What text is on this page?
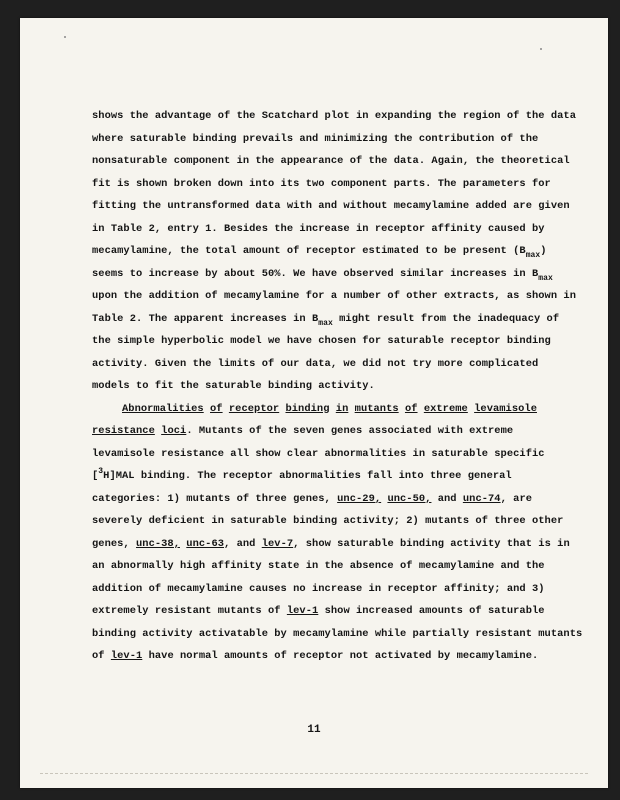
shows the advantage of the Scatchard plot in expanding the region of the data
where saturable binding prevails and minimizing the contribution of the
nonsaturable component in the appearance of the data. Again, the theoretical
fit is shown broken down into its two component parts. The parameters for
fitting the untransformed data with and without mecamylamine added are given
in Table 2, entry 1. Besides the increase in receptor affinity caused by
mecamylamine, the total amount of receptor estimated to be present $(B_{max})$
seems to increase by about 50%. We have observed similar increases in $B_{max}$
upon the addition of mecamylamine for a number of other extracts, as shown in
Table 2. The apparent increases in $B_{max}$ might result from the inadequacy of
the simple hyperbolic model we have chosen for saturable receptor binding
activity. Given the limits of our data, we did not try more complicated
models to fit the saturable binding activity.
Abnormalities of receptor binding in mutants of extreme levamisole
resistance loci. Mutants of the seven genes associated with extreme
levamisole resistance all show clear abnormalities in saturable specific
[$^3$H]MAL binding. The receptor abnormalities fall into three general
categories: 1) mutants of three genes, unc-29, unc-50, and unc-74, are
severely deficient in saturable binding activity; 2) mutants of three other
genes, unc-38, unc-63, and lev-7, show saturable binding activity that is in
an abnormally high affinity state in the absence of mecamylamine and the
addition of mecamylamine causes no increase in receptor affinity; and 3)
extremely resistant mutants of lev-1 show increased amounts of saturable
binding activity activatable by mecamylamine while partially resistant mutants
of lev-1 have normal amounts of receptor not activated by mecamylamine.
11
